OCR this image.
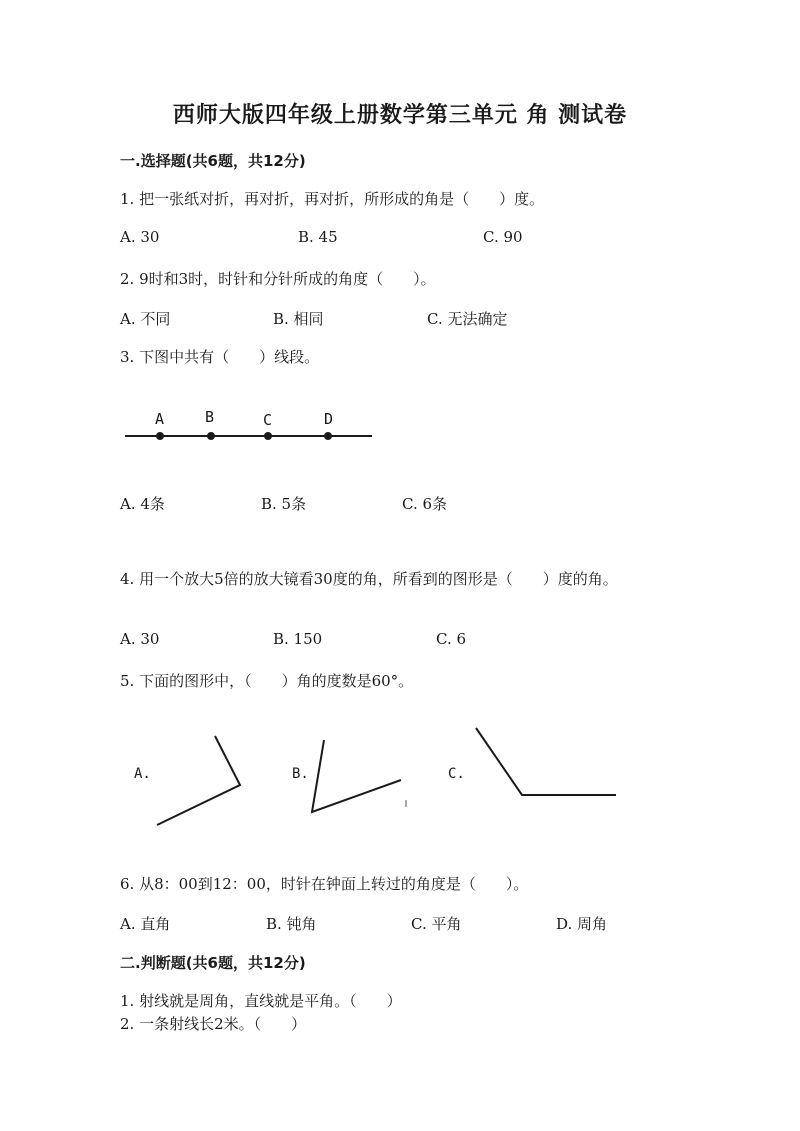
西师大版四年级上册数学第三单元 角 测试卷
一.选择题(共6题，共12分)
1. 把一张纸对折，再对折，再对折，所形成的角是（　　）度。
A. 30	B. 45	C. 90
2. 9时和3时，时针和分针所成的角度（　　）。
A. 不同	B. 相同	C. 无法确定
3. 下图中共有（　　）线段。
A	B	C	D
A. 4条	B. 5条	C. 6条
4. 用一个放大5倍的放大镜看30度的角，所看到的图形是（　　）度的角。
A. 30	B. 150	C. 6
5. 下面的图形中，（　　）角的度数是60°。
A.	B.	C.
6. 从8：00到12：00，时针在钟面上转过的角度是（　　）。
A. 直角	B. 钝角	C. 平角	D. 周角
二.判断题(共6题，共12分)
1. 射线就是周角，直线就是平角。（　　）
2. 一条射线长2米。（　　）
